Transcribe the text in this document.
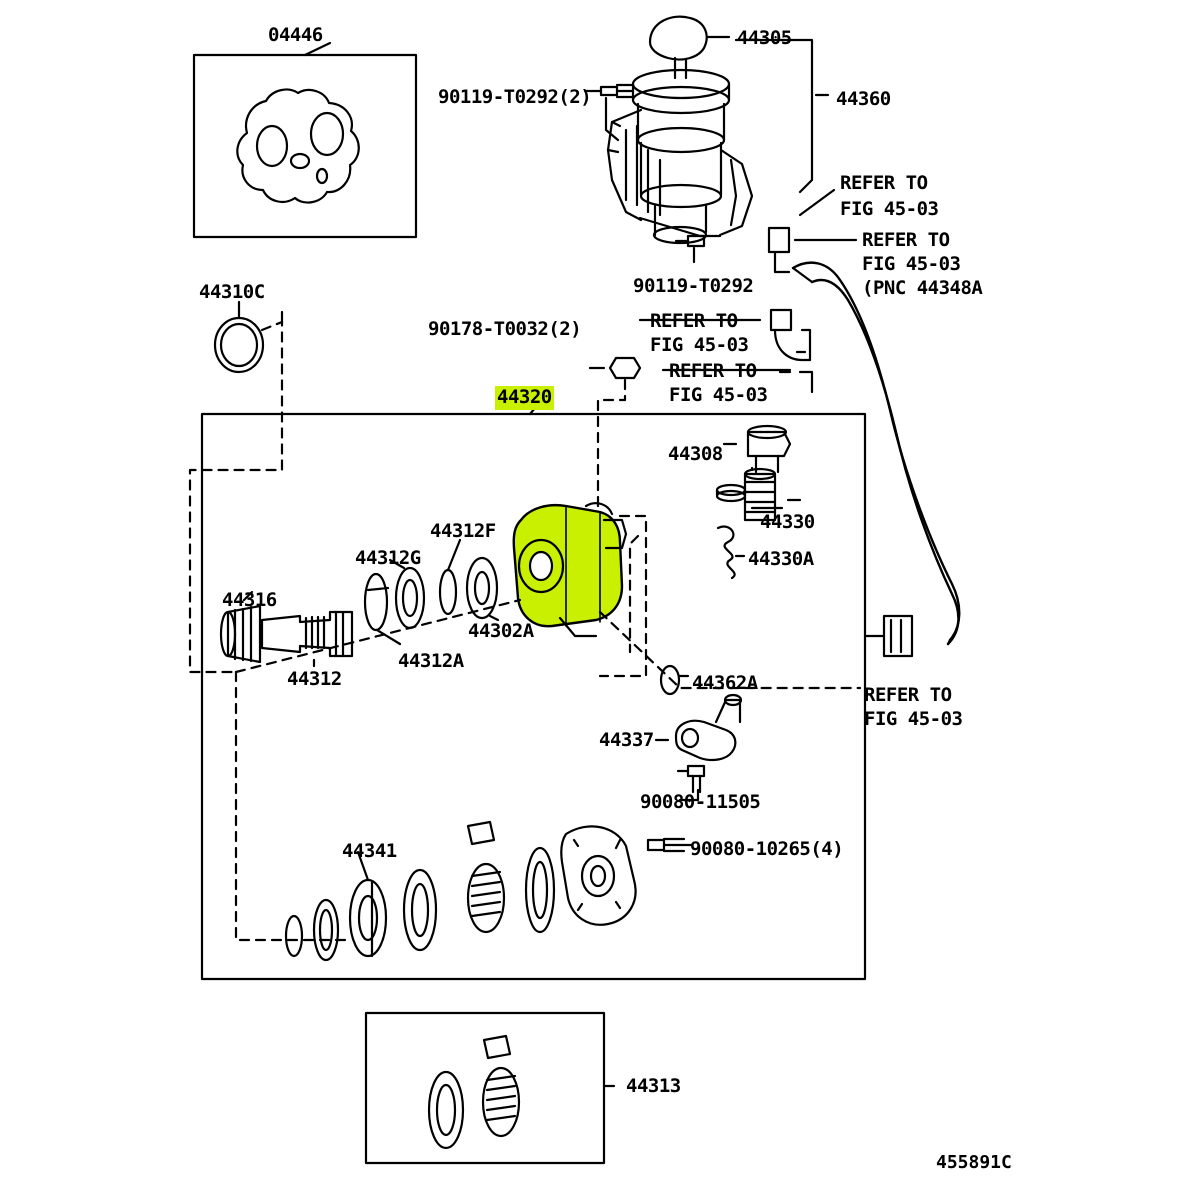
04446	44305
44360
90119-T0292(2)
REFER TO
FIG 45-03
REFER TO
FIG 45-03
(PNC 44348A
90119-T0292
44310C
90178-T0032(2)	REFER TO
FIG 45-03
REFER TO
FIG 45-03
44320
44308
44330
44330A
44312F
44312G
44316
44302A
44312A
44312	44362A
REFER TO
FIG 45-03
44337
90080-11505
90080-10265(4)
44341
44313
455891C
